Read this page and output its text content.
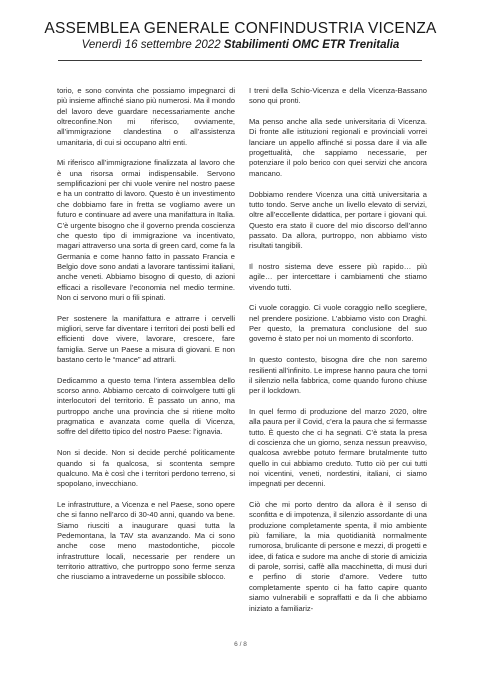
ASSEMBLEA GENERALE CONFINDUSTRIA VICENZA
Venerdì 16 settembre 2022 Stabilimenti OMC ETR Trenitalia

torio, e sono convinta che possiamo impegnarci di più insieme affinché siano più numerosi. Ma il mondo del lavoro deve guardare necessariamente anche oltreconfine.Non mi riferisco, ovviamente, all’immigrazione clandestina o all’assistenza umanitaria, di cui si occupano altri enti.

Mi riferisco all’immigrazione finalizzata al lavoro che è una risorsa ormai indispensabile. Servono semplificazioni per chi vuole venire nel nostro paese e ha un contratto di lavoro. Questo è un investimento che dobbiamo fare in fretta se vogliamo avere un futuro e continuare ad avere una manifattura in Italia. C’è urgente bisogno che il governo prenda coscienza che questo tipo di immigrazione va incentivato, magari attraverso una sorta di green card, come fa la Germania e come hanno fatto in passato Francia e Belgio dove sono andati a lavorare tantissimi italiani, anche veneti. Abbiamo bisogno di questo, di azioni efficaci a risollevare l’economia nel medio termine. Non ci servono muri o fili spinati.

Per sostenere la manifattura e attrarre i cervelli migliori, serve far diventare i territori dei posti belli ed efficienti dove vivere, lavorare, crescere, fare famiglia. Serve un Paese a misura di giovani. E non bastano certo le “mance” ad attrarli.

Dedicammo a questo tema l’intera assemblea dello scorso anno. Abbiamo cercato di coinvolgere tutti gli interlocutori del territorio. È passato un anno, ma purtroppo anche una provincia che si ritiene molto pragmatica e avanzata come quella di Vicenza, soffre del difetto tipico del nostro Paese: l’ignavia.

Non si decide. Non si decide perché politicamente quando si fa qualcosa, si scontenta sempre qualcuno. Ma è così che i territori perdono terreno, si spopolano, invecchiano.

Le infrastrutture, a Vicenza e nel Paese, sono opere che si fanno nell’arco di 30-40 anni, quando va bene. Siamo riusciti a inaugurare quasi tutta la Pedemontana, la TAV sta avanzando. Ma ci sono anche cose meno mastodontiche, piccole infrastrutture locali, necessarie per rendere un territorio attrattivo, che purtroppo sono ferme senza che riusciamo a intravederne un possibile sblocco.

I treni della Schio-Vicenza e della Vicenza-Bassano sono qui pronti.

Ma penso anche alla sede universitaria di Vicenza. Di fronte alle istituzioni regionali e provinciali vorrei lanciare un appello affinché si possa dare il via alle progettualità, che sappiamo necessarie, per potenziare il polo berico con quei servizi che ancora mancano.

Dobbiamo rendere Vicenza una città universitaria a tutto tondo. Serve anche un livello elevato di servizi, oltre all’eccellente didattica, per portare i giovani qui. Questo era stato il cuore del mio discorso dell’anno passato. Da allora, purtroppo, non abbiamo visto risultati tangibili.

Il nostro sistema deve essere più rapido… più agile… per intercettare i cambiamenti che stiamo vivendo tutti.

Ci vuole coraggio. Ci vuole coraggio nello scegliere, nel prendere posizione. L’abbiamo visto con Draghi. Per questo, la prematura conclusione del suo governo è stato per noi un momento di sconforto.

In questo contesto, bisogna dire che non saremo resilienti all’infinito. Le imprese hanno paura che torni il silenzio nella fabbrica, come quando furono chiuse per il lockdown.

In quel fermo di produzione del marzo 2020, oltre alla paura per il Covid, c’era la paura che si fermasse tutto. È questo che ci ha segnati. C’è stata la presa di coscienza che un giorno, senza nessun preavviso, qualcosa avrebbe potuto fermare brutalmente tutto quello in cui abbiamo creduto. Tutto ciò per cui tutti noi vicentini, veneti, nordestini, italiani, ci siamo impegnati per decenni.

Ciò che mi porto dentro da allora è il senso di sconfitta e di impotenza, il silenzio assordante di una produzione completamente spenta, il mio ambiente più familiare, la mia quotidianità normalmente rumorosa, brulicante di persone e mezzi, di progetti e idee, di fatica e sudore ma anche di storie di amicizia di parole, sorrisi, caffè alla macchinetta, di musi duri e perfino di storie d’amore. Vedere tutto completamente spento ci ha fatto capire quanto siamo vulnerabili e sopraffatti e da lì che abbiamo iniziato a familiariz-

6 / 8
